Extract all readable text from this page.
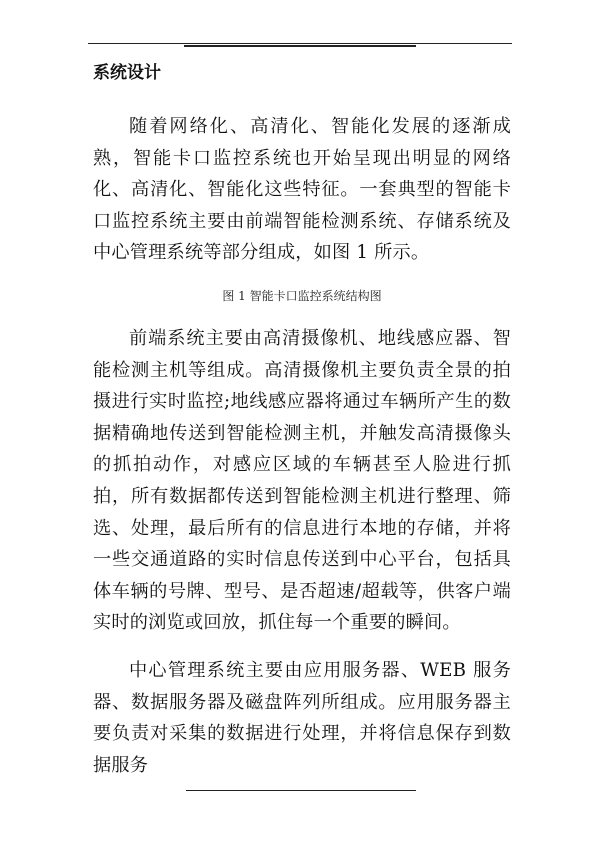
系统设计

随着网络化、高清化、智能化发展的逐渐成熟，智能卡口监控系统也开始呈现出明显的网络化、高清化、智能化这些特征。一套典型的智能卡口监控系统主要由前端智能检测系统、存储系统及中心管理系统等部分组成，如图 1 所示。

图 1 智能卡口监控系统结构图

前端系统主要由高清摄像机、地线感应器、智能检测主机等组成。高清摄像机主要负责全景的拍摄进行实时监控;地线感应器将通过车辆所产生的数据精确地传送到智能检测主机，并触发高清摄像头的抓拍动作，对感应区域的车辆甚至人脸进行抓拍，所有数据都传送到智能检测主机进行整理、筛选、处理，最后所有的信息进行本地的存储，并将一些交通道路的实时信息传送到中心平台，包括具体车辆的号牌、型号、是否超速/超载等，供客户端实时的浏览或回放，抓住每一个重要的瞬间。

中心管理系统主要由应用服务器、WEB 服务器、数据服务器及磁盘阵列所组成。应用服务器主要负责对采集的数据进行处理，并将信息保存到数据服务
